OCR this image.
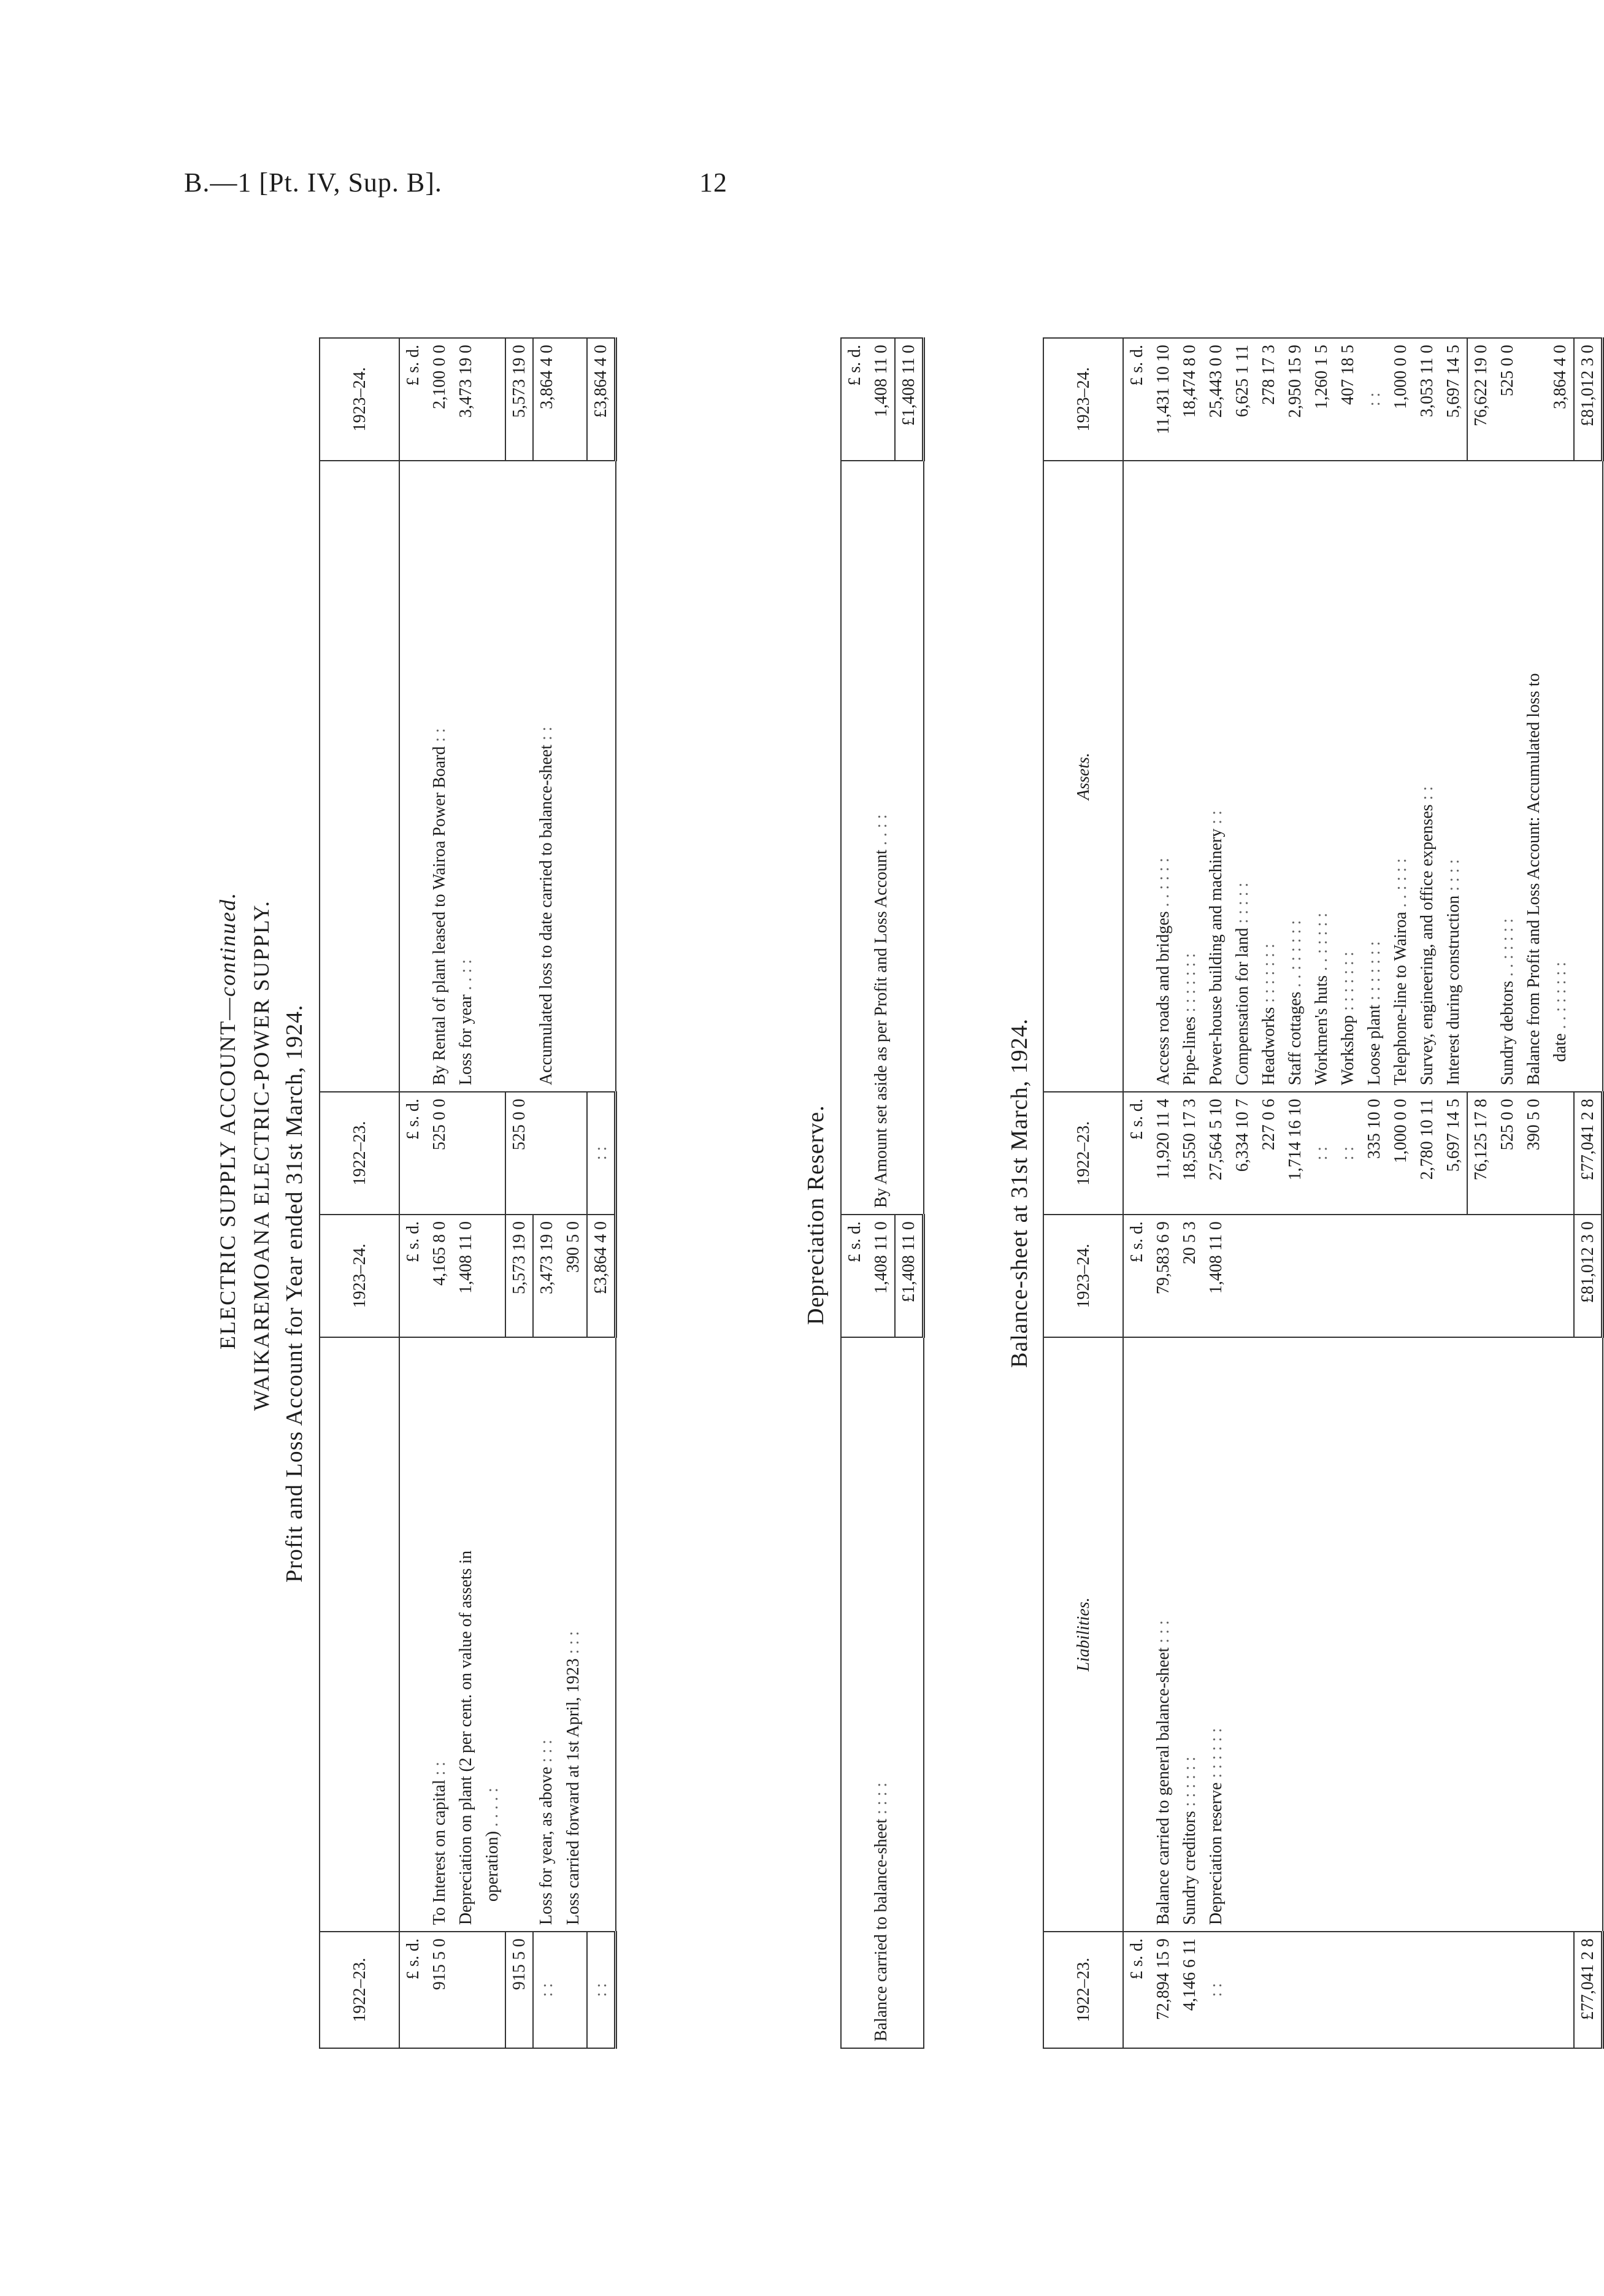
B.—1 [Pt. IV, Sup. B].	12
ELECTRIC SUPPLY ACCOUNT—continued. WAIKAREMOANA ELECTRIC-POWER SUPPLY. Profit and Loss Account for Year ended 31st March, 1924.
1922–23.		1923–24.	1922–23.		1923–24.
£ s. d.		£ s. d.	£ s. d.		£ s. d.
915 5 0	To Interest on capital : :	4,165 8 0	525 0 0	By Rental of plant leased to Wairoa Power Board : :	2,100 0 0
	Depreciation on plant (2 per cent. on value of assets in	1,408 11 0		Loss for year . . : :	3,473 19 0
	operation) . . . . :				
915 5 0		5,573 19 0	525 0 0		5,573 19 0
: :	Loss for year, as above : : :	3,473 19 0		Accumulated loss to date carried to balance-sheet : :	3,864 4 0
	Loss carried forward at 1st April, 1923 : : :	390 5 0			
: :		£3,864 4 0	: :		£3,864 4 0
Depreciation Reserve.
	£ s. d.		£ s. d.
Balance carried to balance-sheet : : : :	1,408 11 0	By Amount set aside as per Profit and Loss Account . . : :	1,408 11 0
	£1,408 11 0		£1,408 11 0
Balance-sheet at 31st March, 1924.
1922–23.	Liabilities.	1923–24.	1922–23.	Assets.	1923–24.
£ s. d.		£ s. d.	£ s. d.		£ s. d.
72,894 15 9	Balance carried to general balance-sheet : : :	79,583 6 9	11,920 11 4	Access roads and bridges . . : : : :	11,431 10 10
4,146 6 11	Sundry creditors : : : : : :	20 5 3	18,550 17 3	Pipe-lines : : : : : : :	18,474 8 0
: :	Depreciation reserve : : : : : :	1,408 11 0	27,564 5 10	Power-house building and machinery : :	25,443 0 0
			6,334 10 7	Compensation for land : : : : :	6,625 1 11
			227 0 6	Headworks : : : : : : :	278 17 3
			1,714 16 10	Staff cottages . . : : : : : :	2,950 15 9
			: :	Workmen's huts . . : : : : :	1,260 1 5
			: :	Workshop : : : : : : :	407 18 5
			335 10 0	Loose plant : : : : : : :	: :
			1,000 0 0	Telephone-line to Wairoa . . : : : :	1,000 0 0
			2,780 10 11	Survey, engineering, and office expenses : :	3,053 11 0
			5,697 14 5	Interest during construction : : : :	5,697 14 5
			76,125 17 8		76,622 19 0
			525 0 0	Sundry debtors . . : : : : :	525 0 0
			390 5 0	Balance from Profit and Loss Account: Accumulated loss to	
				date . . : : : : : :	3,864 4 0
£77,041 2 8		£81,012 3 0	£77,041 2 8		£81,012 3 0
